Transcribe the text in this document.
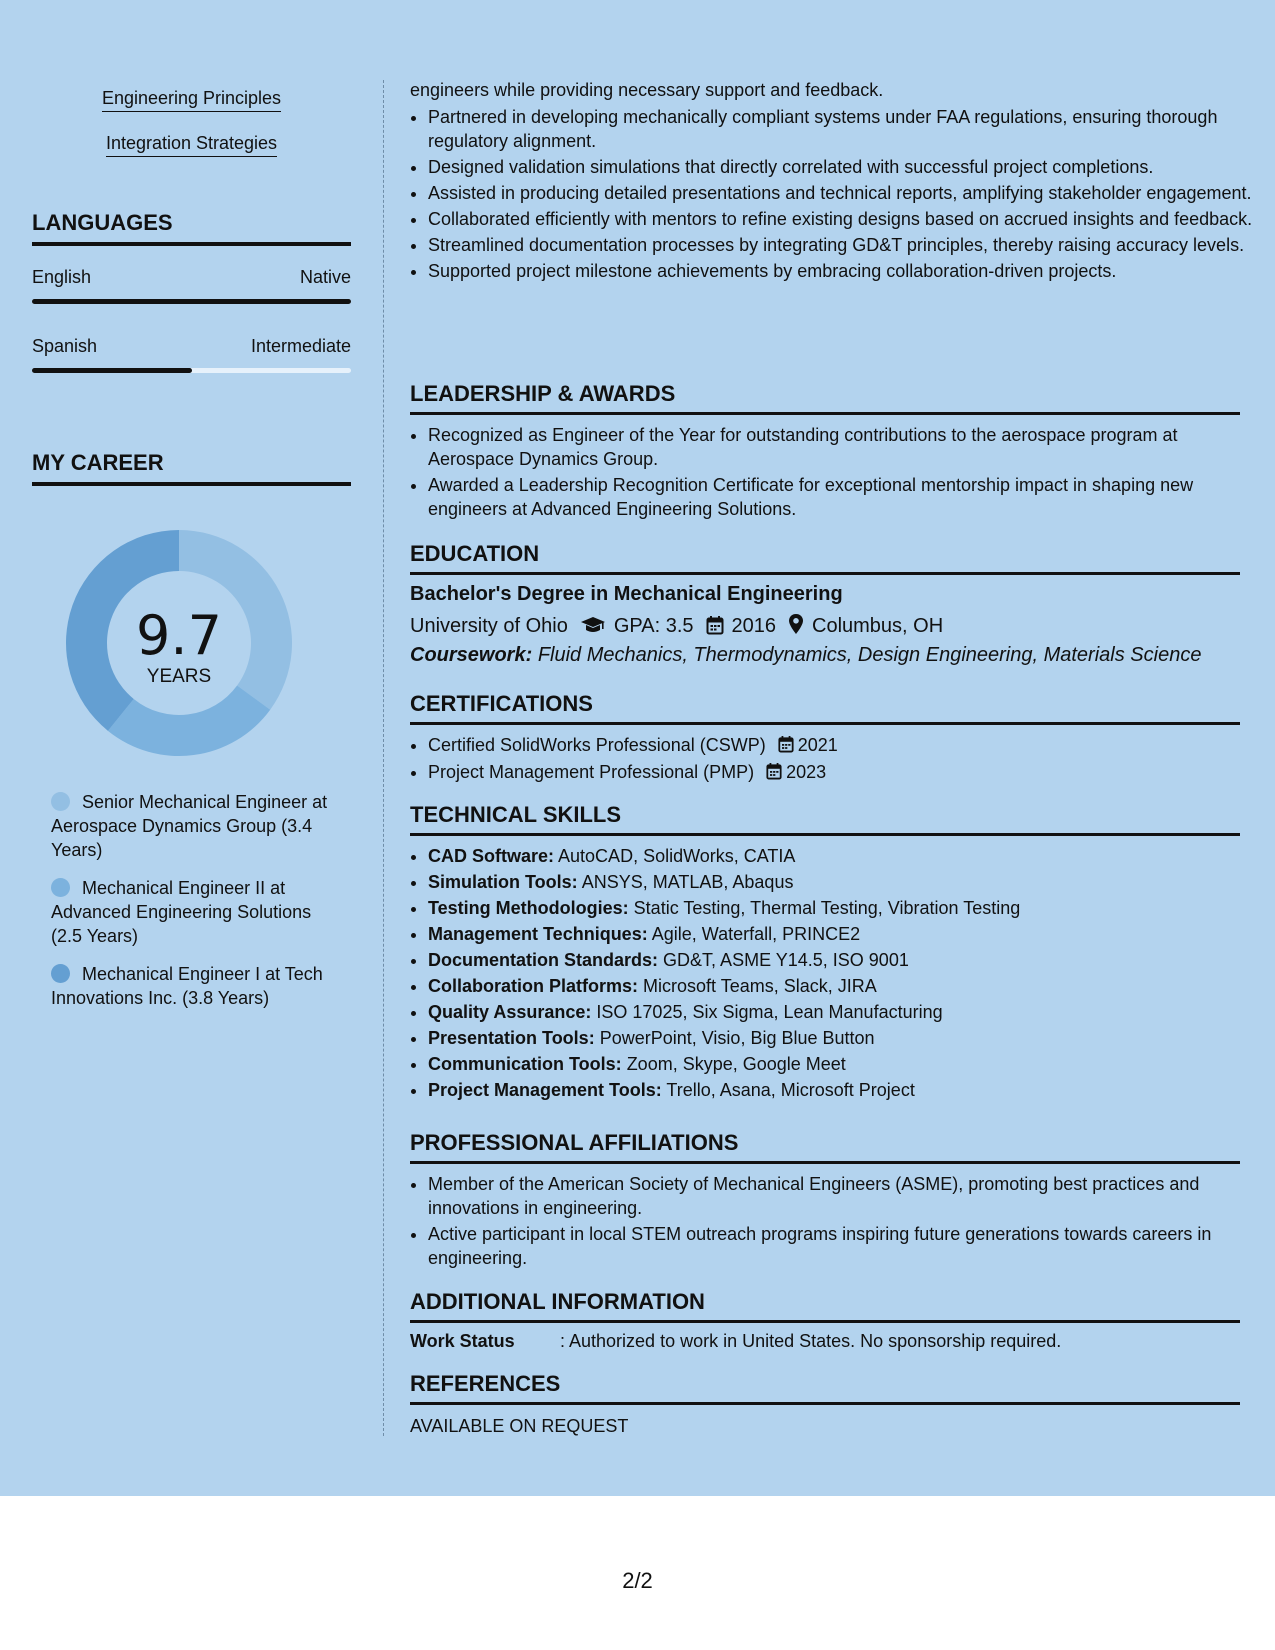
Engineering Principles
Integration Strategies
LANGUAGES
English	Native
Spanish	Intermediate
MY CAREER
9.7
YEARS
Senior Mechanical Engineer at Aerospace Dynamics Group (3.4 Years)
Mechanical Engineer II at Advanced Engineering Solutions (2.5 Years)
Mechanical Engineer I at Tech Innovations Inc. (3.8 Years)
engineers while providing necessary support and feedback.
• Partnered in developing mechanically compliant systems under FAA regulations, ensuring thorough regulatory alignment.
• Designed validation simulations that directly correlated with successful project completions.
• Assisted in producing detailed presentations and technical reports, amplifying stakeholder engagement.
• Collaborated efficiently with mentors to refine existing designs based on accrued insights and feedback.
• Streamlined documentation processes by integrating GD&T principles, thereby raising accuracy levels.
• Supported project milestone achievements by embracing collaboration-driven projects.
LEADERSHIP & AWARDS
• Recognized as Engineer of the Year for outstanding contributions to the aerospace program at Aerospace Dynamics Group.
• Awarded a Leadership Recognition Certificate for exceptional mentorship impact in shaping new engineers at Advanced Engineering Solutions.
EDUCATION
Bachelor's Degree in Mechanical Engineering
University of Ohio GPA: 3.5 2016 Columbus, OH
Coursework: Fluid Mechanics, Thermodynamics, Design Engineering, Materials Science
CERTIFICATIONS
• Certified SolidWorks Professional (CSWP) 2021
• Project Management Professional (PMP) 2023
TECHNICAL SKILLS
• CAD Software: AutoCAD, SolidWorks, CATIA
• Simulation Tools: ANSYS, MATLAB, Abaqus
• Testing Methodologies: Static Testing, Thermal Testing, Vibration Testing
• Management Techniques: Agile, Waterfall, PRINCE2
• Documentation Standards: GD&T, ASME Y14.5, ISO 9001
• Collaboration Platforms: Microsoft Teams, Slack, JIRA
• Quality Assurance: ISO 17025, Six Sigma, Lean Manufacturing
• Presentation Tools: PowerPoint, Visio, Big Blue Button
• Communication Tools: Zoom, Skype, Google Meet
• Project Management Tools: Trello, Asana, Microsoft Project
PROFESSIONAL AFFILIATIONS
• Member of the American Society of Mechanical Engineers (ASME), promoting best practices and innovations in engineering.
• Active participant in local STEM outreach programs inspiring future generations towards careers in engineering.
ADDITIONAL INFORMATION
Work Status	: Authorized to work in United States. No sponsorship required.
REFERENCES
AVAILABLE ON REQUEST
2/2
